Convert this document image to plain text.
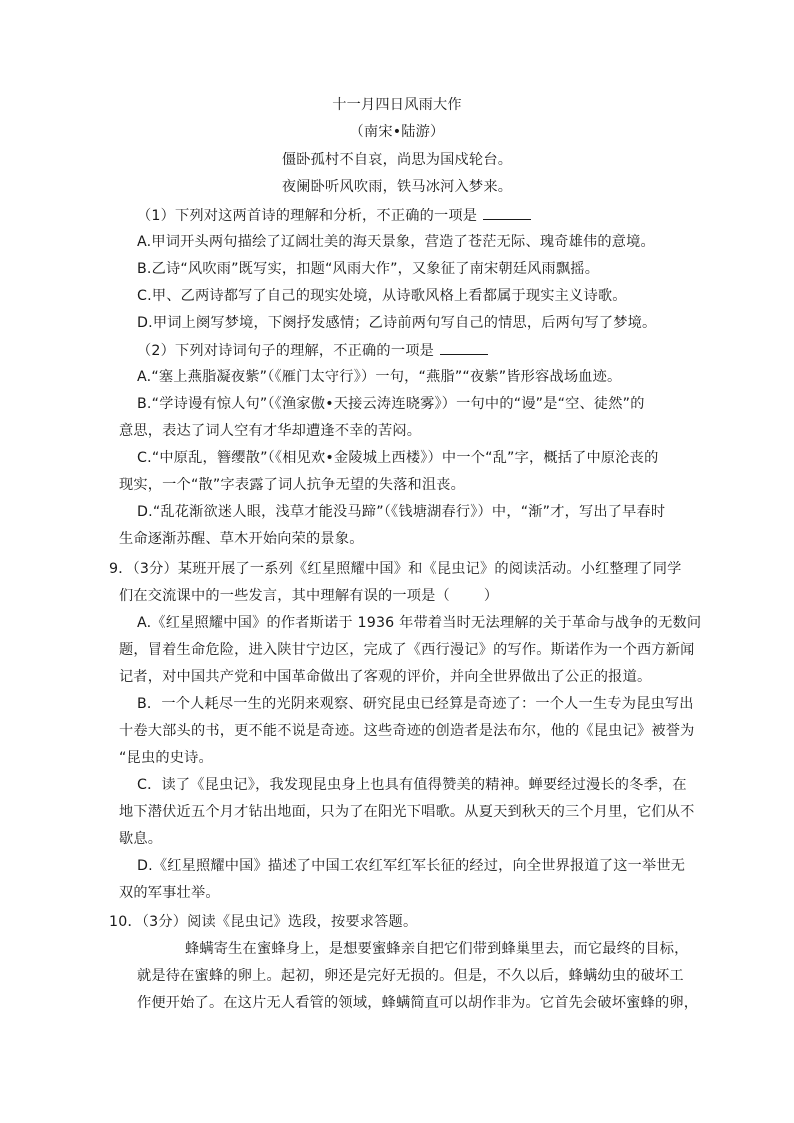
十一月四日风雨大作
（南宋•陆游）
僵卧孤村不自哀，尚思为国戍轮台。
夜阑卧听风吹雨，铁马冰河入梦来。
（1）下列对这两首诗的理解和分析，不正确的一项是
A.甲词开头两句描绘了辽阔壮美的海天景象，营造了苍茫无际、瑰奇雄伟的意境。
B.乙诗“风吹雨”既写实，扣题“风雨大作”，又象征了南宋朝廷风雨飘摇。
C.甲、乙两诗都写了自己的现实处境，从诗歌风格上看都属于现实主义诗歌。
D.甲词上阕写梦境，下阕抒发感情；乙诗前两句写自己的情思，后两句写了梦境。
（2）下列对诗词句子的理解，不正确的一项是
A.“塞上燕脂凝夜紫”（《雁门太守行》）一句，“燕脂”“夜紫”皆形容战场血迹。
B.“学诗谩有惊人句”（《渔家傲•天接云涛连晓雾》）一句中的“谩”是“空、徒然”的
意思，表达了词人空有才华却遭逢不幸的苦闷。
C.“中原乱，簪缨散”（《相见欢•金陵城上西楼》）中一个“乱”字，概括了中原沦丧的
现实，一个“散”字表露了词人抗争无望的失落和沮丧。
D.“乱花渐欲迷人眼，浅草才能没马蹄”（《钱塘湖春行》）中，“渐”才，写出了早春时
生命逐渐苏醒、草木开始向荣的景象。
9．（3分）某班开展了一系列《红星照耀中国》和《昆虫记》的阅读活动。小红整理了同学
们在交流课中的一些发言，其中理解有误的一项是（ ）
A.《红星照耀中国》的作者斯诺于 1936 年带着当时无法理解的关于革命与战争的无数问
题，冒着生命危险，进入陕甘宁边区，完成了《西行漫记》的写作。斯诺作为一个西方新闻
记者，对中国共产党和中国革命做出了客观的评价，并向全世界做出了公正的报道。
B．一个人耗尽一生的光阴来观察、研究昆虫已经算是奇迹了：一个人一生专为昆虫写出
十卷大部头的书，更不能不说是奇迹。这些奇迹的创造者是法布尔，他的《昆虫记》被誉为
“昆虫的史诗。
C．读了《昆虫记》，我发现昆虫身上也具有值得赞美的精神。蝉要经过漫长的冬季，在
地下潜伏近五个月才钻出地面，只为了在阳光下唱歌。从夏天到秋天的三个月里，它们从不
歇息。
D.《红星照耀中国》描述了中国工农红军红军长征的经过，向全世界报道了这一举世无
双的军事壮举。
10．（3分）阅读《昆虫记》选段，按要求答题。
蜂螨寄生在蜜蜂身上，是想要蜜蜂亲自把它们带到蜂巢里去，而它最终的目标，
就是待在蜜蜂的卵上。起初，卵还是完好无损的。但是，不久以后，蜂螨幼虫的破坏工
作便开始了。在这片无人看管的领域，蜂螨简直可以胡作非为。它首先会破坏蜜蜂的卵，
